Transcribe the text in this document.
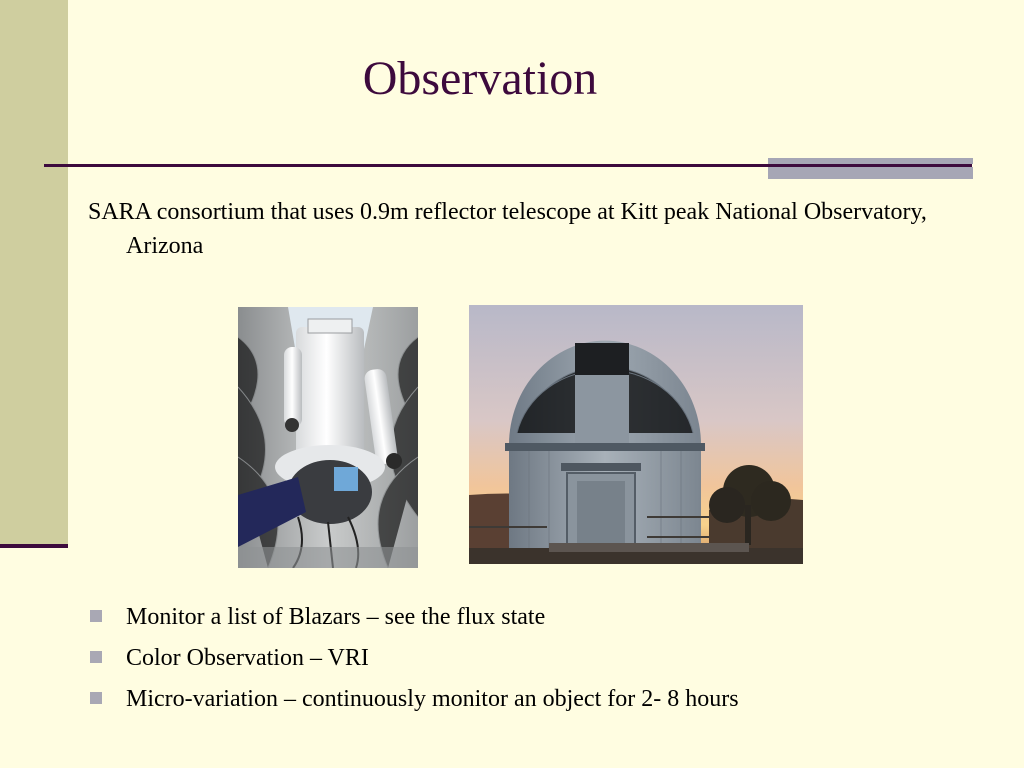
Observation
SARA consortium that uses 0.9m reflector telescope at Kitt peak National Observatory, Arizona
Monitor a list of Blazars – see the flux state
Color Observation – VRI
Micro-variation – continuously monitor an object for 2- 8 hours
